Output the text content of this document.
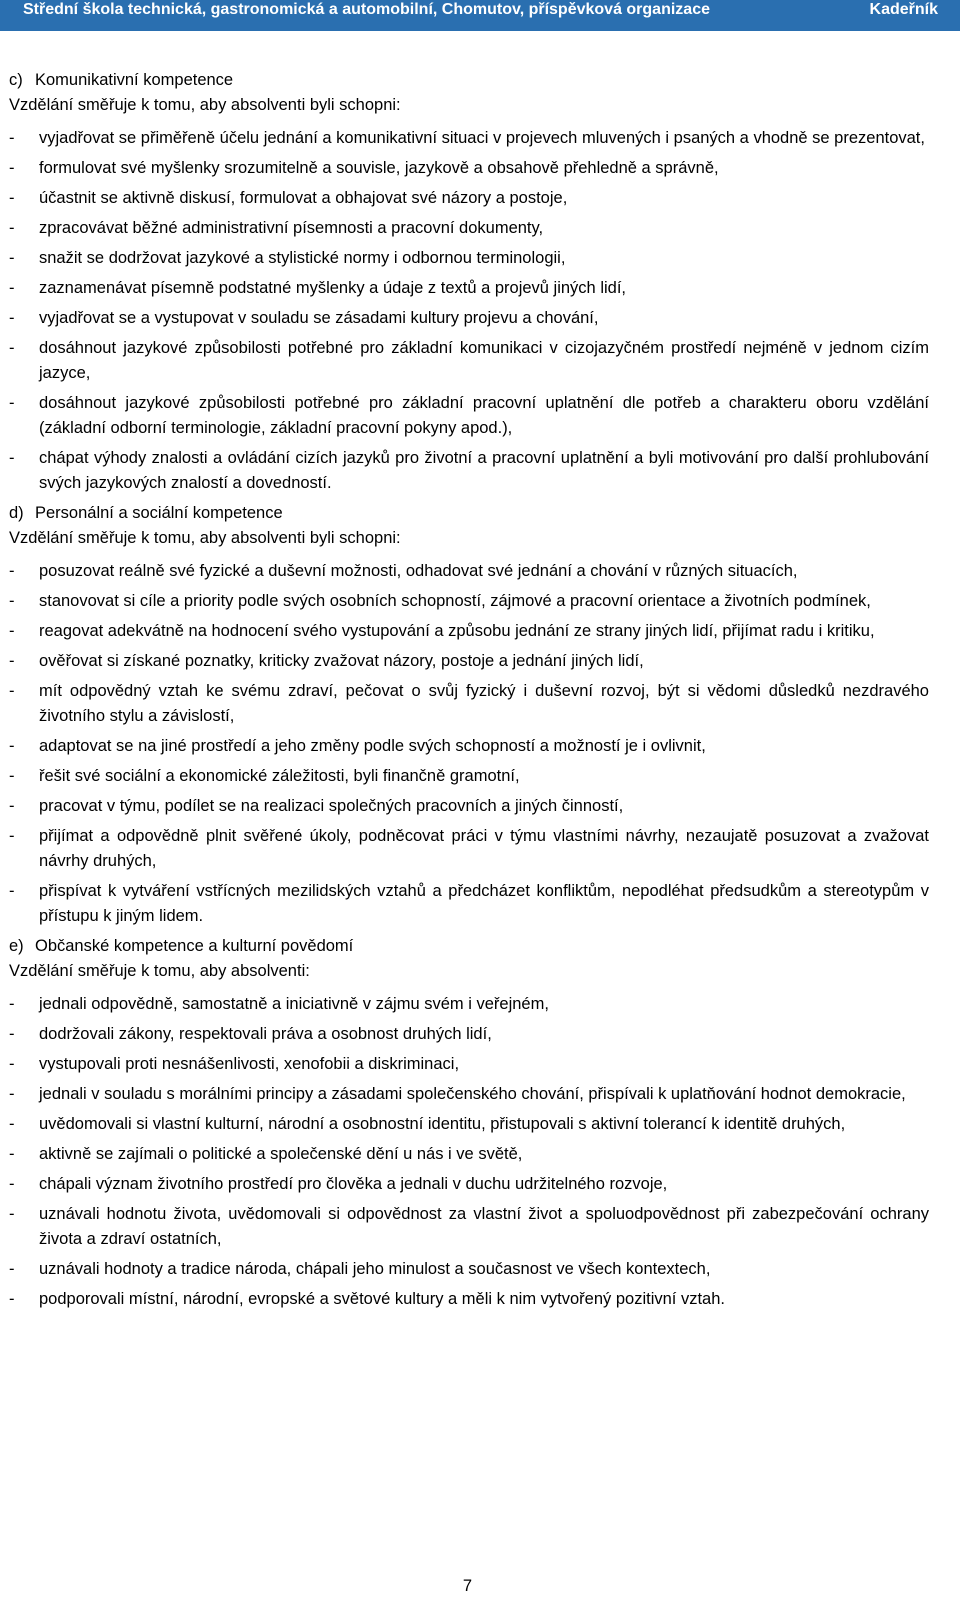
Střední škola technická, gastronomická a automobilní, Chomutov, příspěvková organizace	Kadeřník

c) Komunikativní kompetence

Vzdělání směřuje k tomu, aby absolventi byli schopni:

- vyjadřovat se přiměřeně účelu jednání a komunikativní situaci v projevech mluvených i psaných a vhodně se prezentovat,
- formulovat své myšlenky srozumitelně a souvisle, jazykově a obsahově přehledně a správně,
- účastnit se aktivně diskusí, formulovat a obhajovat své názory a postoje,
- zpracovávat běžné administrativní písemnosti a pracovní dokumenty,
- snažit se dodržovat jazykové a stylistické normy i odbornou terminologii,
- zaznamenávat písemně podstatné myšlenky a údaje z textů a projevů jiných lidí,
- vyjadřovat se a vystupovat v souladu se zásadami kultury projevu a chování,
- dosáhnout jazykové způsobilosti potřebné pro základní komunikaci v cizojazyčném prostředí nejméně v jednom cizím jazyce,
- dosáhnout jazykové způsobilosti potřebné pro základní pracovní uplatnění dle potřeb a charakteru oboru vzdělání (základní odborní terminologie, základní pracovní pokyny apod.),
- chápat výhody znalosti a ovládání cizích jazyků pro životní a pracovní uplatnění a byli motivování pro další prohlubování svých jazykových znalostí a dovedností.

d) Personální a sociální kompetence

Vzdělání směřuje k tomu, aby absolventi byli schopni:

- posuzovat reálně své fyzické a duševní možnosti, odhadovat své jednání a chování v různých situacích,
- stanovovat si cíle a priority podle svých osobních schopností, zájmové a pracovní orientace a životních podmínek,
- reagovat adekvátně na hodnocení svého vystupování a způsobu jednání ze strany jiných lidí, přijímat radu i kritiku,
- ověřovat si získané poznatky, kriticky zvažovat názory, postoje a jednání jiných lidí,
- mít odpovědný vztah ke svému zdraví, pečovat o svůj fyzický i duševní rozvoj, být si vědomi důsledků nezdravého životního stylu a závislostí,
- adaptovat se na jiné prostředí a jeho změny podle svých schopností a možností je i ovlivnit,
- řešit své sociální a ekonomické záležitosti, byli finančně gramotní,
- pracovat v týmu, podílet se na realizaci společných pracovních a jiných činností,
- přijímat a odpovědně plnit svěřené úkoly, podněcovat práci v týmu vlastními návrhy, nezaujatě posuzovat a zvažovat návrhy druhých,
- přispívat k vytváření vstřícných mezilidských vztahů a předcházet konfliktům, nepodléhat předsudkům a stereotypům v přístupu k jiným lidem.

e) Občanské kompetence a kulturní povědomí

Vzdělání směřuje k tomu, aby absolventi:

- jednali odpovědně, samostatně a iniciativně v zájmu svém i veřejném,
- dodržovali zákony, respektovali práva a osobnost druhých lidí,
- vystupovali proti nesnášenlivosti, xenofobii a diskriminaci,
- jednali v souladu s morálními principy a zásadami společenského chování, přispívali k uplatňování hodnot demokracie,
- uvědomovali si vlastní kulturní, národní a osobnostní identitu, přistupovali s aktivní tolerancí k identitě druhých,
- aktivně se zajímali o politické a společenské dění u nás i ve světě,
- chápali význam životního prostředí pro člověka a jednali v duchu udržitelného rozvoje,
- uznávali hodnotu života, uvědomovali si odpovědnost za vlastní život a spoluodpovědnost při zabezpečování ochrany života a zdraví ostatních,
- uznávali hodnoty a tradice národa, chápali jeho minulost a současnost ve všech kontextech,
- podporovali místní, národní, evropské a světové kultury a měli k nim vytvořený pozitivní vztah.
7
